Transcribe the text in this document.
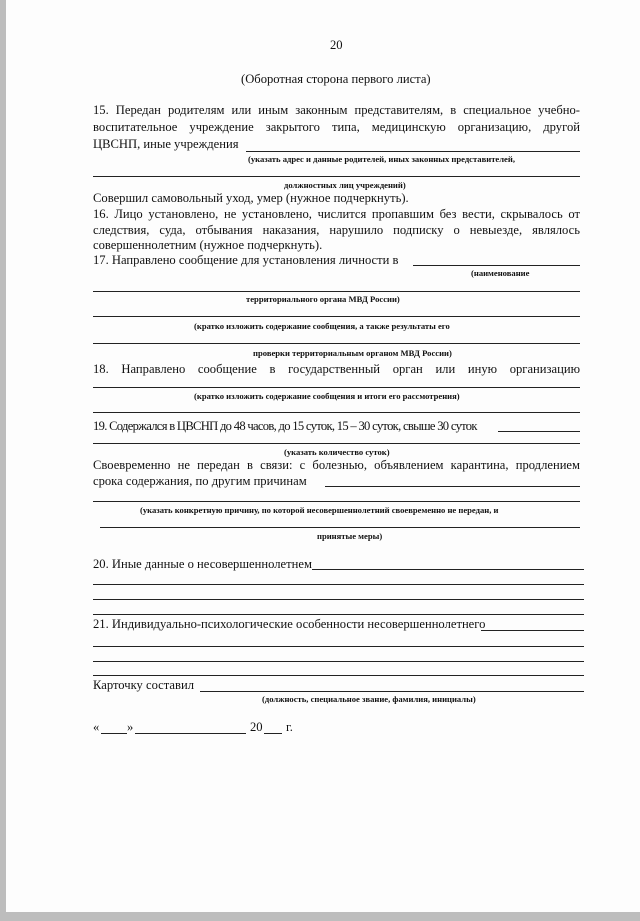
20
(Оборотная сторона первого листа)
15. Передан родителям или иным законным представителям, в специальное учебно-
воспитательное учреждение закрытого типа, медицинскую организацию, другой
ЦВСНП, иные учреждения
(указать адрес и данные родителей, иных законных представителей,
должностных лиц учреждений)
Совершил самовольный уход, умер (нужное подчеркнуть).
16. Лицо установлено, не установлено, числится пропавшим без вести, скрывалось от
следствия, суда, отбывания наказания, нарушило подписку о невыезде, являлось
совершеннолетним (нужное подчеркнуть).
17. Направлено сообщение для установления личности в
(наименование
территориального органа МВД России)
(кратко изложить содержание сообщения, а также результаты его
проверки территориальным органом МВД России)
18. Направлено сообщение в государственный орган или иную организацию
(кратко изложить содержание сообщения и итоги его рассмотрения)
19. Содержался в ЦВСНП до 48 часов, до 15 суток, 15 – 30 суток, свыше 30 суток
(указать количество суток)
Своевременно не передан в связи: с болезнью, объявлением карантина, продлением
срока содержания, по другим причинам
(указать конкретную причину, по которой несовершеннолетний своевременно не передан, и
принятые меры)
20. Иные данные о несовершеннолетнем
21. Индивидуально-психологические особенности несовершеннолетнего
Карточку составил
(должность, специальное звание, фамилия, инициалы)
« »	20 г.
